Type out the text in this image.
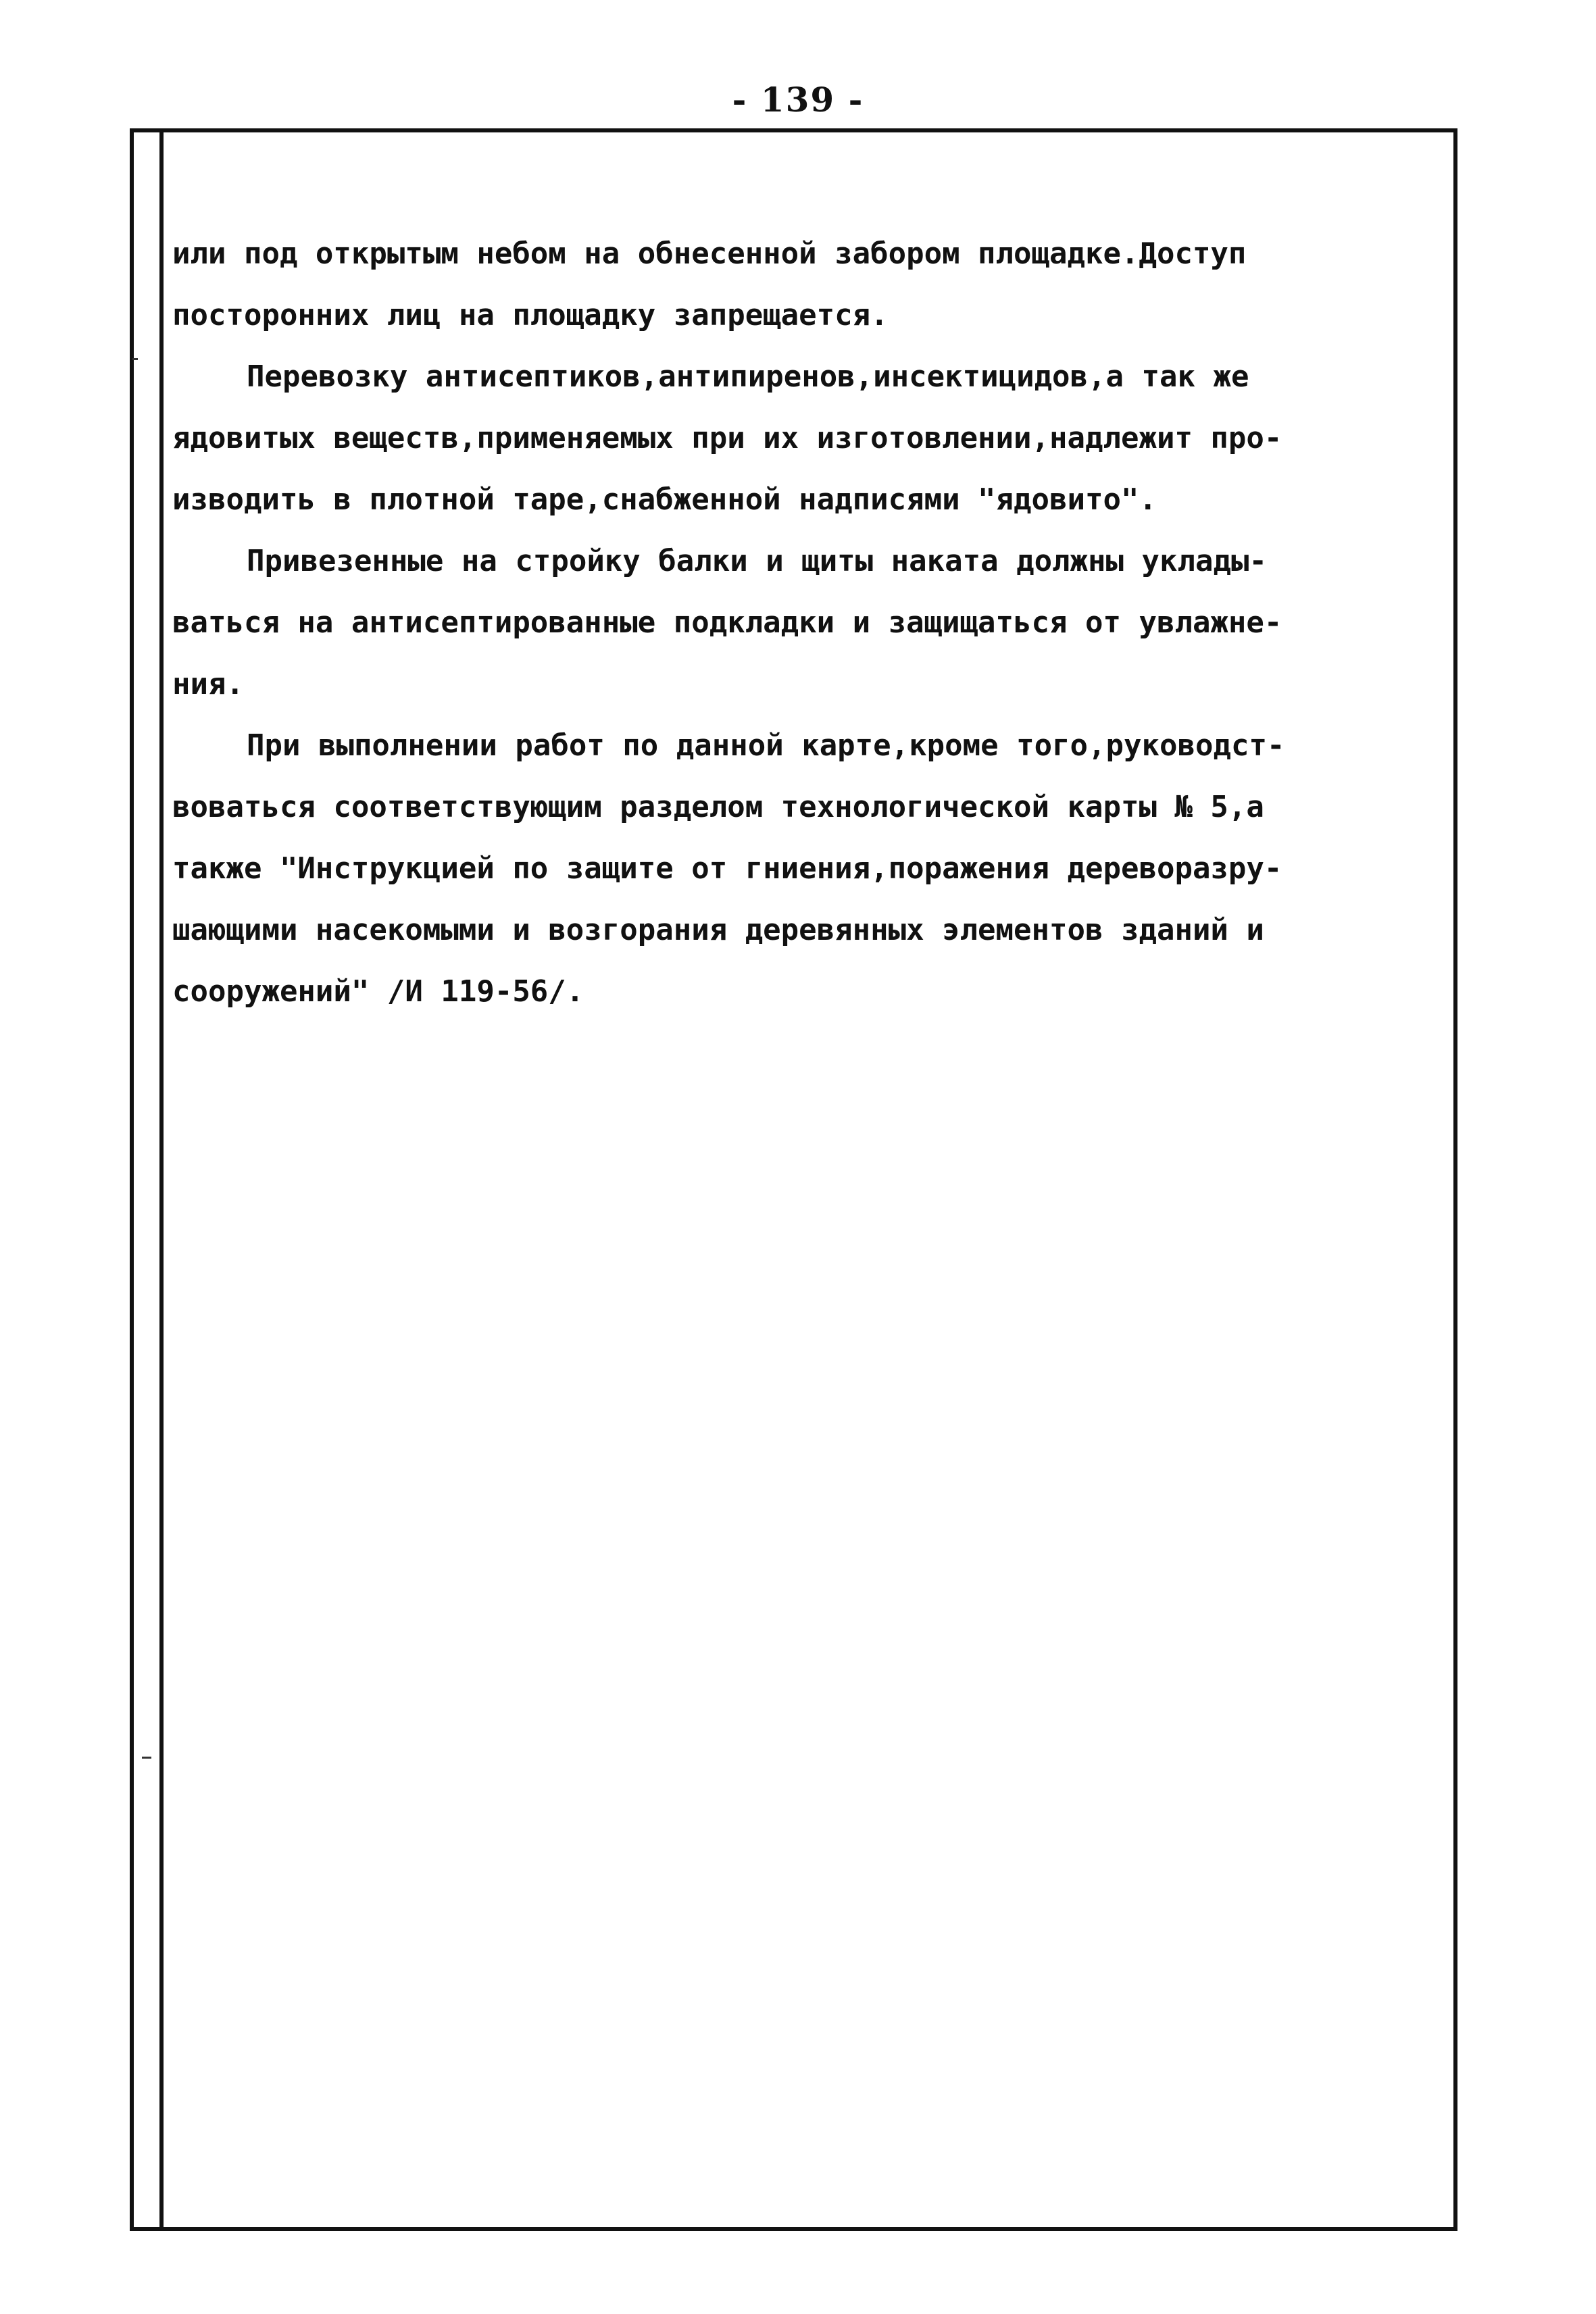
- 139 -
или под открытым небом на обнесенной забором площадке.Доступ
посторонних лиц на площадку запрещается.
Перевозку антисептиков,антипиренов,инсектицидов,а так же
ядовитых веществ,применяемых при их изготовлении,надлежит про-
изводить в плотной таре,снабженной надписями "ядовито".
Привезенные на стройку балки и щиты наката должны уклады-
ваться на антисептированные подкладки и защищаться от увлажне-
ния.
При выполнении работ по данной карте,кроме того,руководст-
воваться соответствующим разделом технологической карты № 5,а
также "Инструкцией по защите от гниения,поражения дереворазру-
шающими насекомыми и возгорания деревянных элементов зданий и
сооружений" /И 119-56/.
